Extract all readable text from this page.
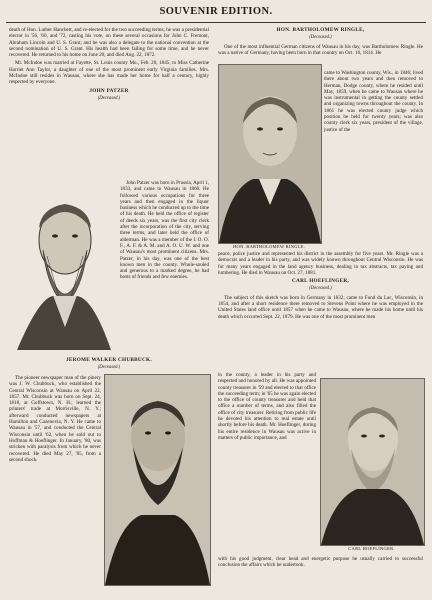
SOUVENIR EDITION.

death of Hon. Luther Hanchett, and re-elected for the two succeeding terms; he was a presidential elector in '56, '60, and '72, casting his vote, on these several occasions for John C. Fremont, Abraham Lincoln and U. S. Grant; and he was also a delegate to the national convention at the second nomination of U. S. Grant. His health had been failing for some time, and he never recovered. He returned to his home on June 20, and died Aug. 22, 1872.

Mr. McIndoe was married at Fayette, St. Louis county Mo., Feb. 20, 1845, to Miss Catherine Harriet Ann Taylor, a daughter of one of the most prominent early Virginia families. Mrs. McIndoe still resides in Wausau, where she has made her home for half a century, highly respected by everyone.

JOHN PATZER

(Deceased.)

John Patzer was born in Prussia, April 1, 1833, and came to Wausau in 1860. He followed various occupations for three years and then engaged in the liquor business which he conducted up to the time of his death. He held the office of register of deeds six years, was the first city clerk after the incorporation of the city, serving three terms, and later held the office of alderman. He was a member of the I. O. O. F., A. F. & A. M. and A. O. U. W. and one of Wausau's most prominent citizens. Mrs. Patzer, in his day, was one of the best known men in the county. Whole-souled and generous to a marked degree, he had hosts of friends and few enemies.

JEROME WALKER CHUBBUCK.

(Deceased.)

The pioneer newspaper man of the pinery was J. W. Chubbuck, who established the Central Wisconsin at Wausau on April 22, 1857. Mr. Chubbuck was born on Sept. 24, 1818, at Goffstown, N. H.; learned the printers' trade at Morrisville, N. Y.; afterward conducted newspapers at Hamilton and Cazenovia, N. Y. He came to Wausau in '57, and conducted the Central Wisconsin until '62, when he sold out to Hoffman & Hoeflinger. In January, '80, was stricken with paralysis from which he never recovered. He died May 27, '85, from a second shock.

HON. BARTHOLOMEW RINGLE,

(Deceased.)

One of the most influential German citizens of Wausau in his day, was Bartholomew Ringle. He was a native of Germany, having been born in that country on Oct. 16, 1814. He

HON. BARTHOLOMEW RINGLE.

came to Washington county, Wis., in 1846; lived there about two years and then removed to Herman, Dodge county, where he resided until May, 1859, when he came to Wausau where he was instrumental in getting the county settled and organizing towns throughout the county. In 1861 he was elected county judge which position he held for twenty years; was also county clerk six years, president of the village, justice of the

peace, police justice and represented his district in the assembly for five years. Mr. Ringle was a democrat and a leader in his party, and was widely known throughout Central Wisconsin. He was for many years engaged in the land agency business, dealing in tax abstracts, tax paying and lumbering. He died in Wausau on Oct. 27, 1881.

CARL HOEFLINGER,

(Deceased.)

The subject of this sketch was born in Germany in 1832; came to Fond du Lac, Wisconsin, in 1854, and after a short residence there removed to Stevens Point where he was employed in the United States land office until 1857 when he came to Wausau, where he made his home until his death which occurred Sept. 22, 1879. He was one of the most prominent men

in the county, a leader in his party and respected and honored by all. He was appointed county treasurer in '59 and elected to that office the succeeding term; in '65 he was again elected to the office of county treasurer and held that office a number of terms, and also filled the office of city treasurer. Retiring from public life he devoted his attention to real estate until shortly before his death. Mr. Hoeflinger, during his entire residence in Wausau was active in matters of public importance, and

CARL HOEFLINGER.

with his good judgment, clear head and energetic purpose he usually carried to successful conclusion the affairs which he undertook.
